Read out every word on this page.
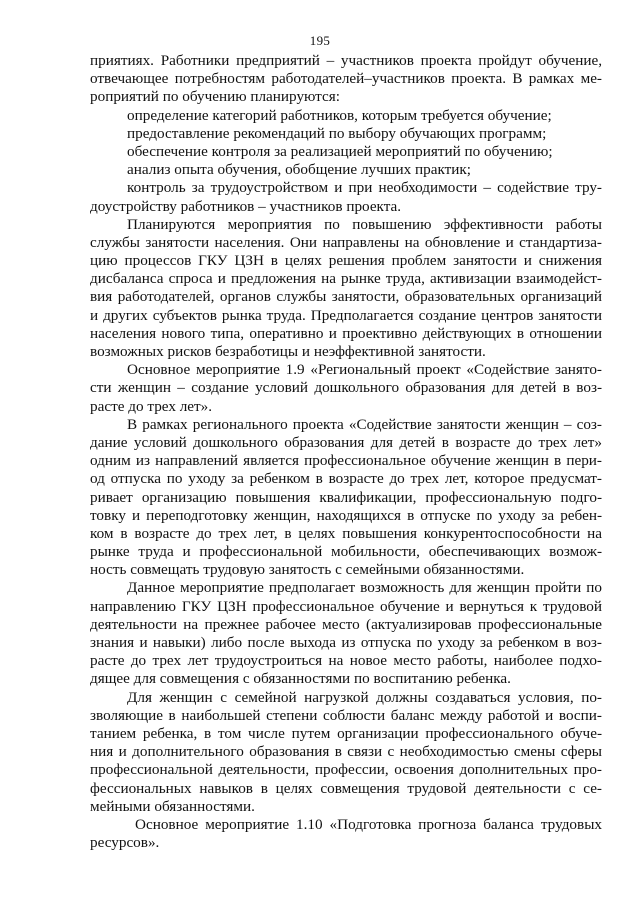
195
приятиях. Работники предприятий – участников проекта пройдут обучение,
отвечающее потребностям работодателей–участников проекта. В рамках ме-
роприятий по обучению планируются:
определение категорий работников, которым требуется обучение;
предоставление рекомендаций по выбору обучающих программ;
обеспечение контроля за реализацией мероприятий по обучению;
анализ опыта обучения, обобщение лучших практик;
контроль за трудоустройством и при необходимости – содействие тру-
доустройству работников – участников проекта.
Планируются мероприятия по повышению эффективности работы
службы занятости населения. Они направлены на обновление и стандартиза-
цию процессов ГКУ ЦЗН в целях решения проблем занятости и снижения
дисбаланса спроса и предложения на рынке труда, активизации взаимодейст-
вия работодателей, органов службы занятости, образовательных организаций
и других субъектов рынка труда. Предполагается создание центров занятости
населения нового типа, оперативно и проективно действующих в отношении
возможных рисков безработицы и неэффективной занятости.
Основное мероприятие 1.9 «Региональный проект «Содействие занято-
сти женщин – создание условий дошкольного образования для детей в воз-
расте до трех лет».
В рамках регионального проекта «Содействие занятости женщин – соз-
дание условий дошкольного образования для детей в возрасте до трех лет»
одним из направлений является профессиональное обучение женщин в пери-
од отпуска по уходу за ребенком в возрасте до трех лет, которое предусмат-
ривает организацию повышения квалификации, профессиональную подго-
товку и переподготовку женщин, находящихся в отпуске по уходу за ребен-
ком в возрасте до трех лет, в целях повышения конкурентоспособности на
рынке труда и профессиональной мобильности, обеспечивающих возмож-
ность совмещать трудовую занятость с семейными обязанностями.
Данное мероприятие предполагает возможность для женщин пройти по
направлению ГКУ ЦЗН профессиональное обучение и вернуться к трудовой
деятельности на прежнее рабочее место (актуализировав профессиональные
знания и навыки) либо после выхода из отпуска по уходу за ребенком в воз-
расте до трех лет трудоустроиться на новое место работы, наиболее подхо-
дящее для совмещения с обязанностями по воспитанию ребенка.
Для женщин с семейной нагрузкой должны создаваться условия, по-
зволяющие в наибольшей степени соблюсти баланс между работой и воспи-
танием ребенка, в том числе путем организации профессионального обуче-
ния и дополнительного образования в связи с необходимостью смены сферы
профессиональной деятельности, профессии, освоения дополнительных про-
фессиональных навыков в целях совмещения трудовой деятельности с се-
мейными обязанностями.
Основное мероприятие 1.10 «Подготовка прогноза баланса трудовых
ресурсов».
